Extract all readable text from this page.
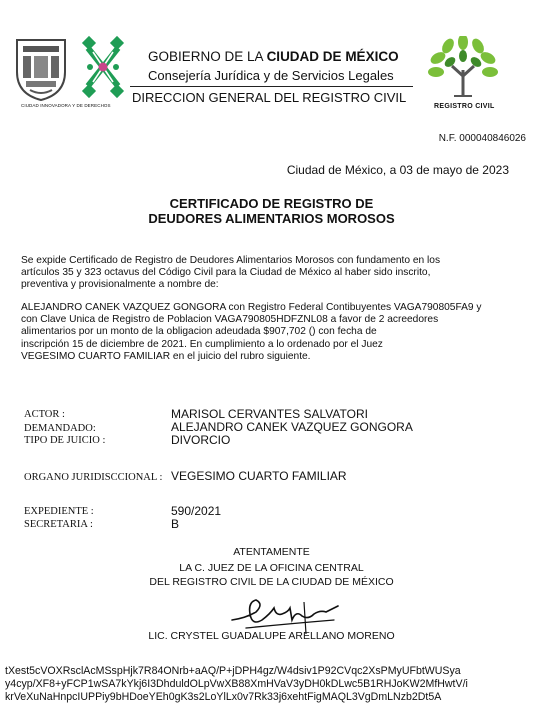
CIUDAD INNOVADORA Y DE DERECHOS
GOBIERNO DE LA CIUDAD DE MÉXICO
Consejería Jurídica y de Servicios Legales
DIRECCION GENERAL DEL REGISTRO CIVIL
REGISTRO CIVIL
N.F. 000040846026
Ciudad de México, a 03 de mayo de 2023
CERTIFICADO DE REGISTRO DE
DEUDORES ALIMENTARIOS MOROSOS
Se expide Certificado de Registro de Deudores Alimentarios Morosos con fundamento en los
artículos 35 y 323 octavus del Código Civil para la Ciudad de México al haber sido inscrito,
preventiva y provisionalmente a nombre de:
ALEJANDRO CANEK VAZQUEZ GONGORA con Registro Federal Contibuyentes VAGA790805FA9 y
con Clave Unica de Registro de Poblacion VAGA790805HDFZNL08 a favor de 2 acreedores
alimentarios por un monto de la obligacion adeudada $907,702 () con fecha de
inscripción 15 de diciembre de 2021. En cumplimiento a lo ordenado por el Juez
VEGESIMO CUARTO FAMILIAR en el juicio del rubro siguiente.
ACTOR :	MARISOL CERVANTES SALVATORI
DEMANDADO:	ALEJANDRO CANEK VAZQUEZ GONGORA
TIPO DE JUICIO :	DIVORCIO
ORGANO JURIDISCCIONAL : VEGESIMO CUARTO FAMILIAR
EXPEDIENTE :	590/2021
SECRETARIA :	B
ATENTAMENTE
LA C. JUEZ DE LA OFICINA CENTRAL
DEL REGISTRO CIVIL DE LA CIUDAD DE MÉXICO
LIC. CRYSTEL GUADALUPE ARELLANO MORENO
tXest5cVOXRsclAcMSspHjk7R84ONrb+aAQ/P+jDPH4gz/W4dsiv1P92CVqc2XsPMyUFbtWUSya
y4cyp/XF8+yFCP1wSA7kYkj6I3DhduldOLpVwXB88XmHVaV3yDH0kDLwc5B1RHJoKW2MfHwtV/i
krVeXuNaHnpcIUPPiy9bHDoeYEh0gK3s2LoYlLx0v7Rk33j6xehtFigMAQL3VgDmLNzb2Dt5A
